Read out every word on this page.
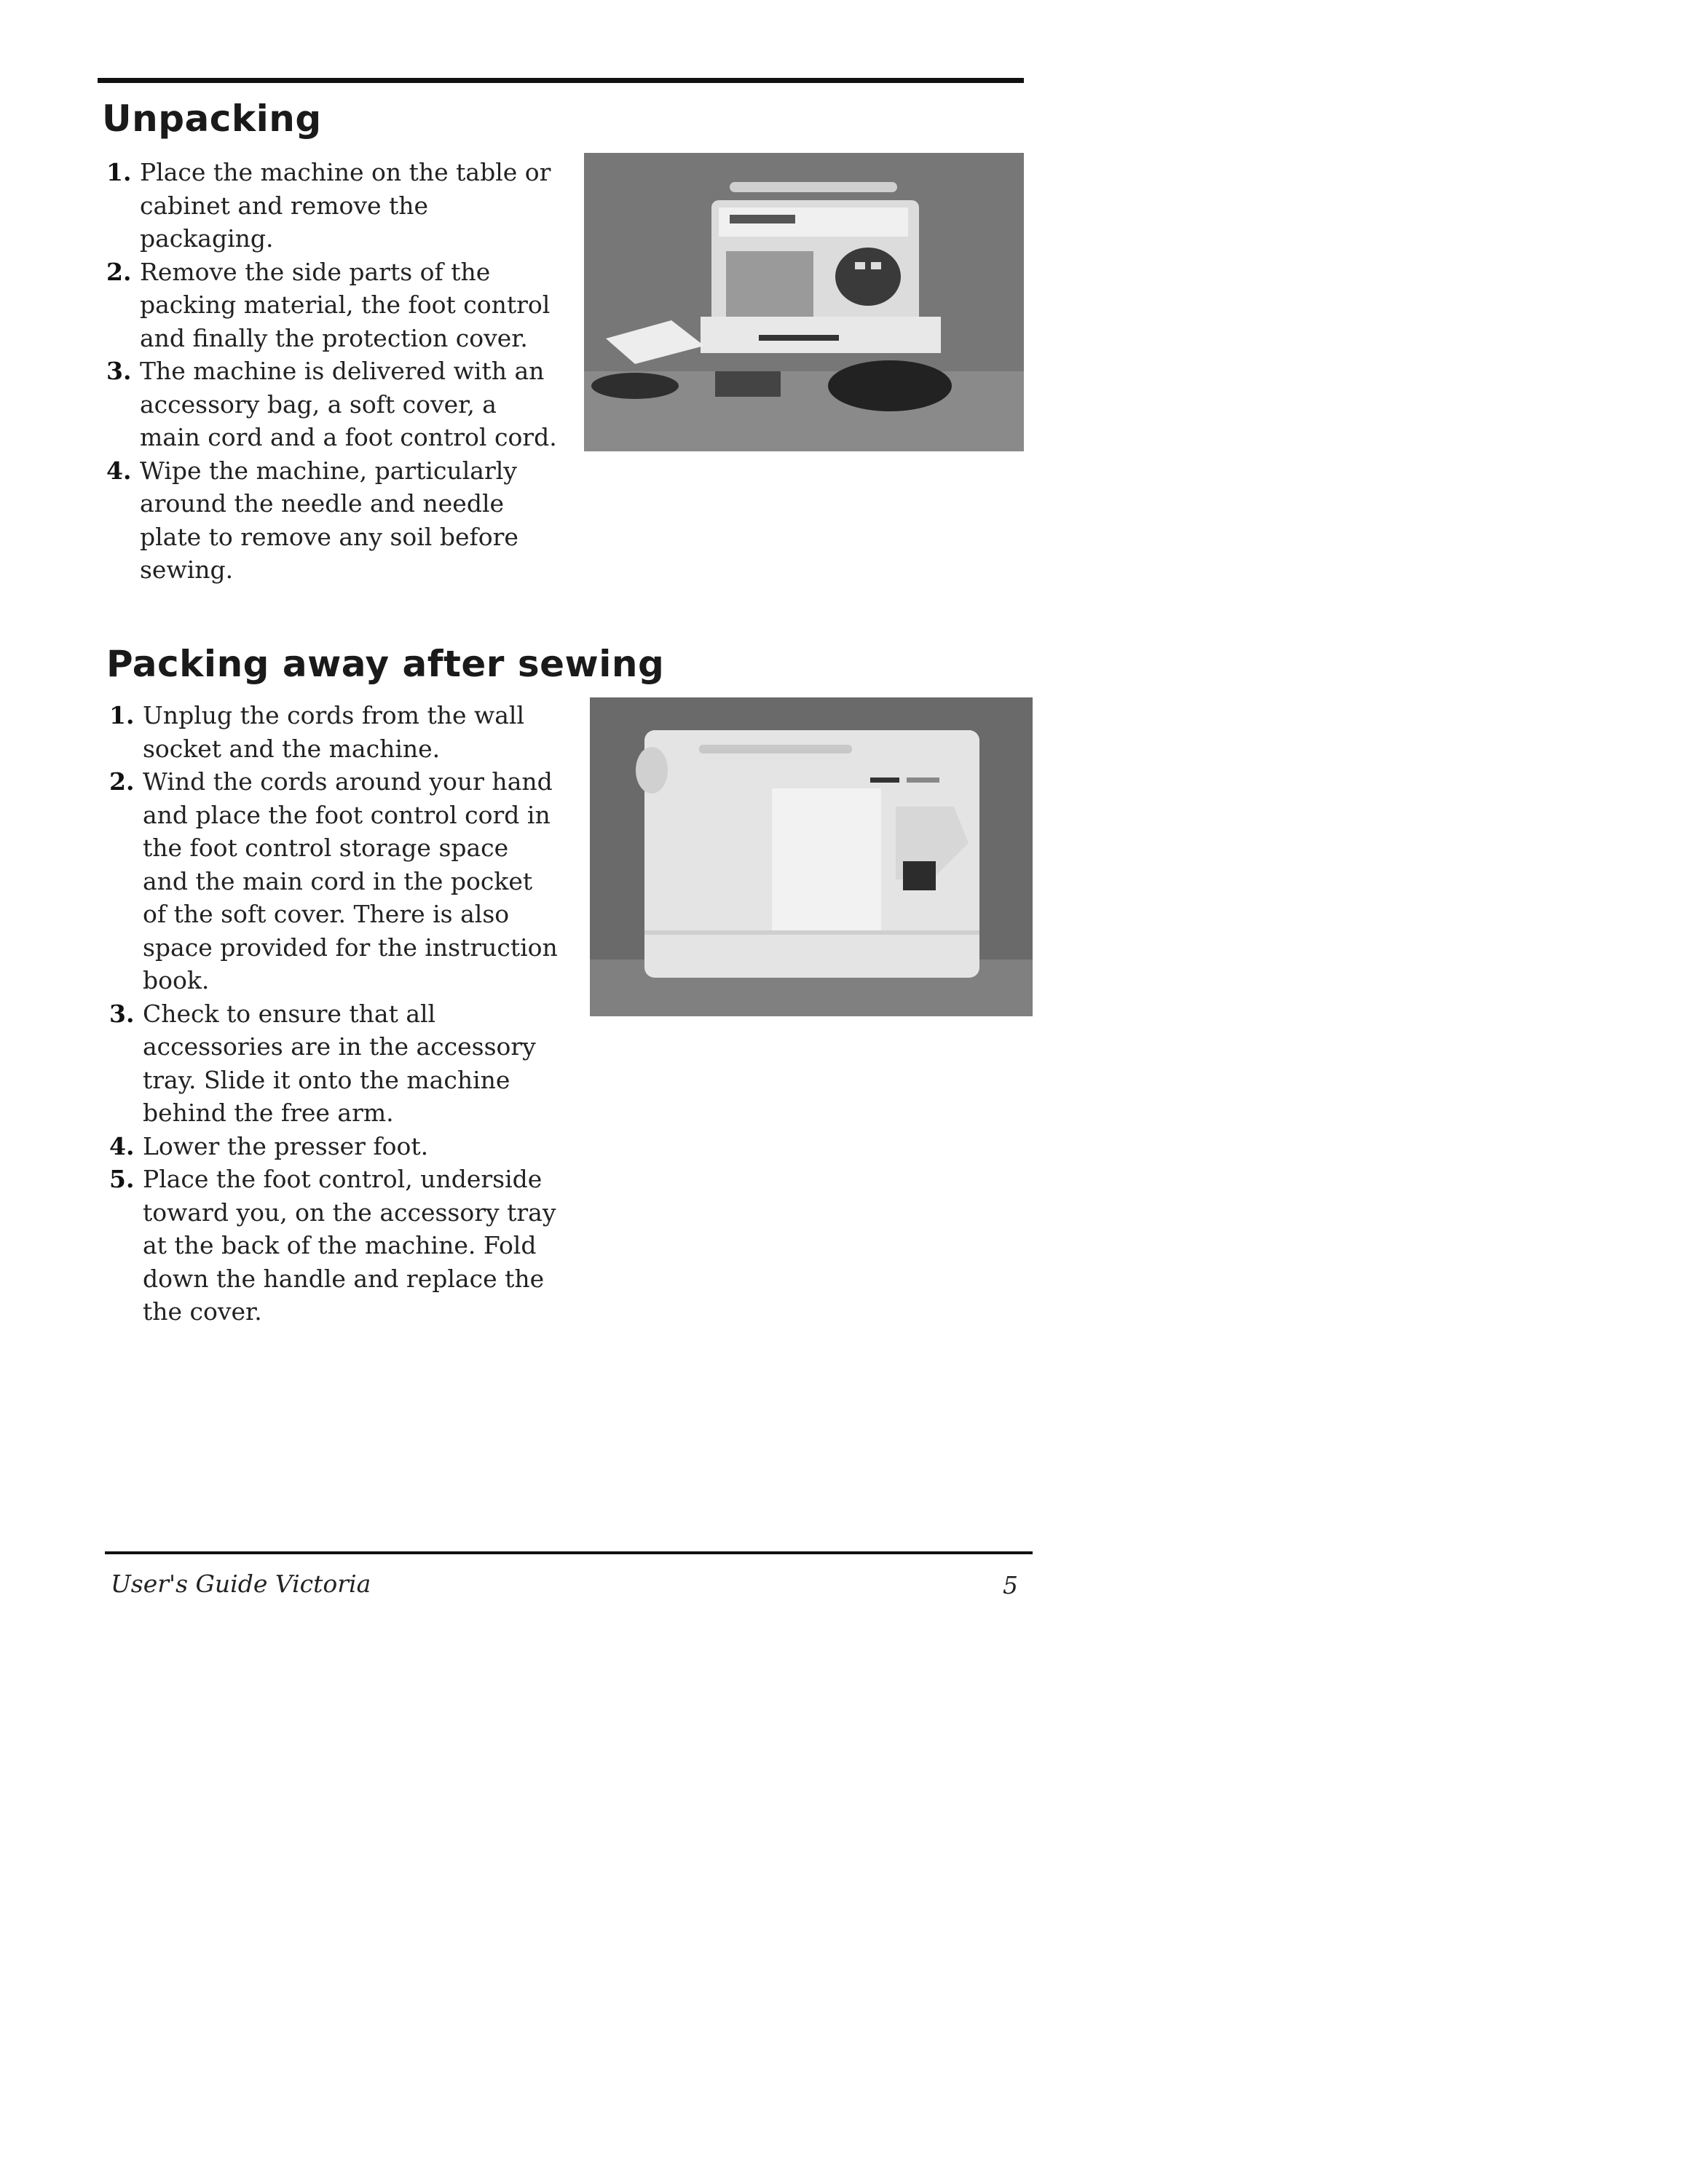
Unpacking
1. Place the machine on the table or cabinet and remove the packaging.
2. Remove the side parts of the packing material, the foot control and finally the protection cover.
3. The machine is delivered with an accessory bag, a soft cover, a main cord and a foot control cord.
4. Wipe the machine, particularly around the needle and needle plate to remove any soil before sewing.
Packing away after sewing
1. Unplug the cords from the wall socket and the machine.
2. Wind the cords around your hand and place the foot control cord in the foot control storage space and the main cord in the pocket of the soft cover. There is also space provided for the instruction book.
3. Check to ensure that all accessories are in the accessory tray. Slide it onto the machine behind the free arm.
4. Lower the presser foot.
5. Place the foot control, underside toward you, on the accessory tray at the back of the machine. Fold down the handle and replace the the cover.
User's Guide Victoria	5
